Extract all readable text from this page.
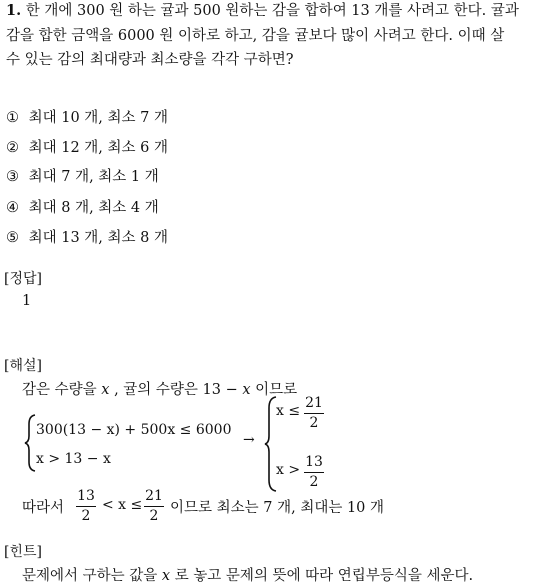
1. 한 개에 300 원 하는 귤과 500 원하는 감을 합하여 13 개를 사려고 한다. 귤과
감을 합한 금액을 6000 원 이하로 하고, 감을 귤보다 많이 사려고 한다. 이때 살
수 있는 감의 최대량과 최소량을 각각 구하면?
① 최대 10 개, 최소 7 개
② 최대 12 개, 최소 6 개
③ 최대 7 개, 최소 1 개
④ 최대 8 개, 최소 4 개
⑤ 최대 13 개, 최소 8 개
[정답]
1
[해설]
감은 수량을 x , 귤의 수량은 13 − x 이므로
300(13 − x) + 500x ≤ 6000
x > 13 − x
→
x ≤ 21
2
x > 13
2
따라서
13
2
< x ≤
21
2 이므로 최소는 7 개, 최대는 10 개
[힌트]
문제에서 구하는 값을 x 로 놓고 문제의 뜻에 따라 연립부등식을 세운다.
